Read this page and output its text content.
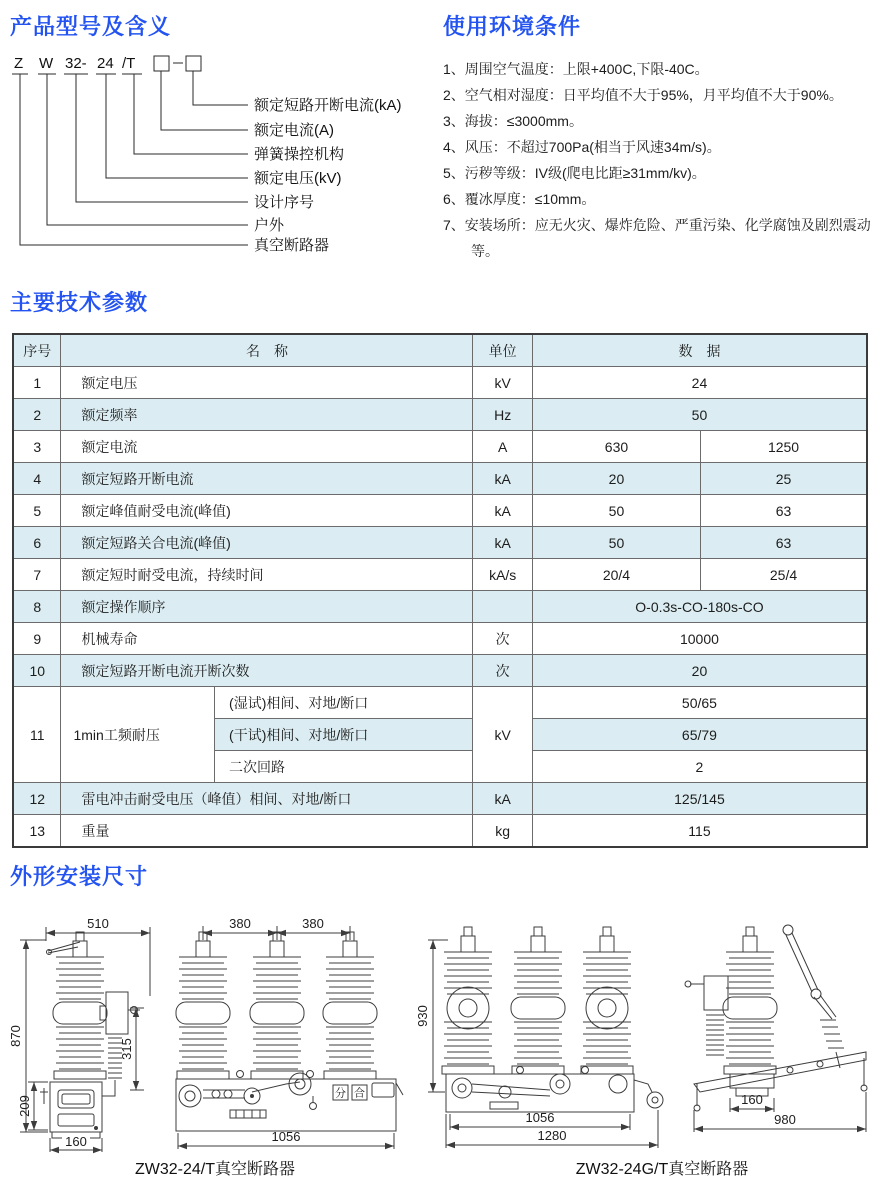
产品型号及含义	使用环境条件
主要技术参数
外形安装尺寸
Z W 32- 24 /T
额定短路开断电流(kA)
额定电流(A)
弹簧操控机构
额定电压(kV)
设计序号
户外
真空断路器
1、周围空气温度：上限+400C,下限-40C。
2、空气相对湿度：日平均值不大于95%，月平均值不大于90%。
3、海拔：≤3000mm。
4、风压：不超过700Pa(相当于风速34m/s)。
5、污秽等级：IV级(爬电比距≥31mm/kv)。
6、覆冰厚度：≤10mm。
7、安装场所：应无火灾、爆炸危险、严重污染、化学腐蚀及剧烈震动等。
序号	名　称		单位	数　据	
1	额定电压		kV	24	
2	额定频率		Hz	50	
3	额定电流		A	630	1250
4	额定短路开断电流		kA	20	25
5	额定峰值耐受电流(峰值)		kA	50	63
6	额定短路关合电流(峰值)		kA	50	63
7	额定短时耐受电流，持续时间		kA/s	20/4	25/4
8	额定操作顺序			O-0.3s-CO-180s-CO	
9	机械寿命		次	10000	
10	额定短路开断电流开断次数		次	20	
11	1min工频耐压	(湿试)相间、对地/断口	kV	50/65	
		(干试)相间、对地/断口		65/79	
		二次回路		2	
12	雷电冲击耐受电压（峰值）相间、对地/断口		kA	125/145	
13	重量		kg	115	
870
315
209
510
160
380	380
分 合
1056
930
1056
1280
160
980
ZW32-24/T真空断路器	ZW32-24G/T真空断路器
